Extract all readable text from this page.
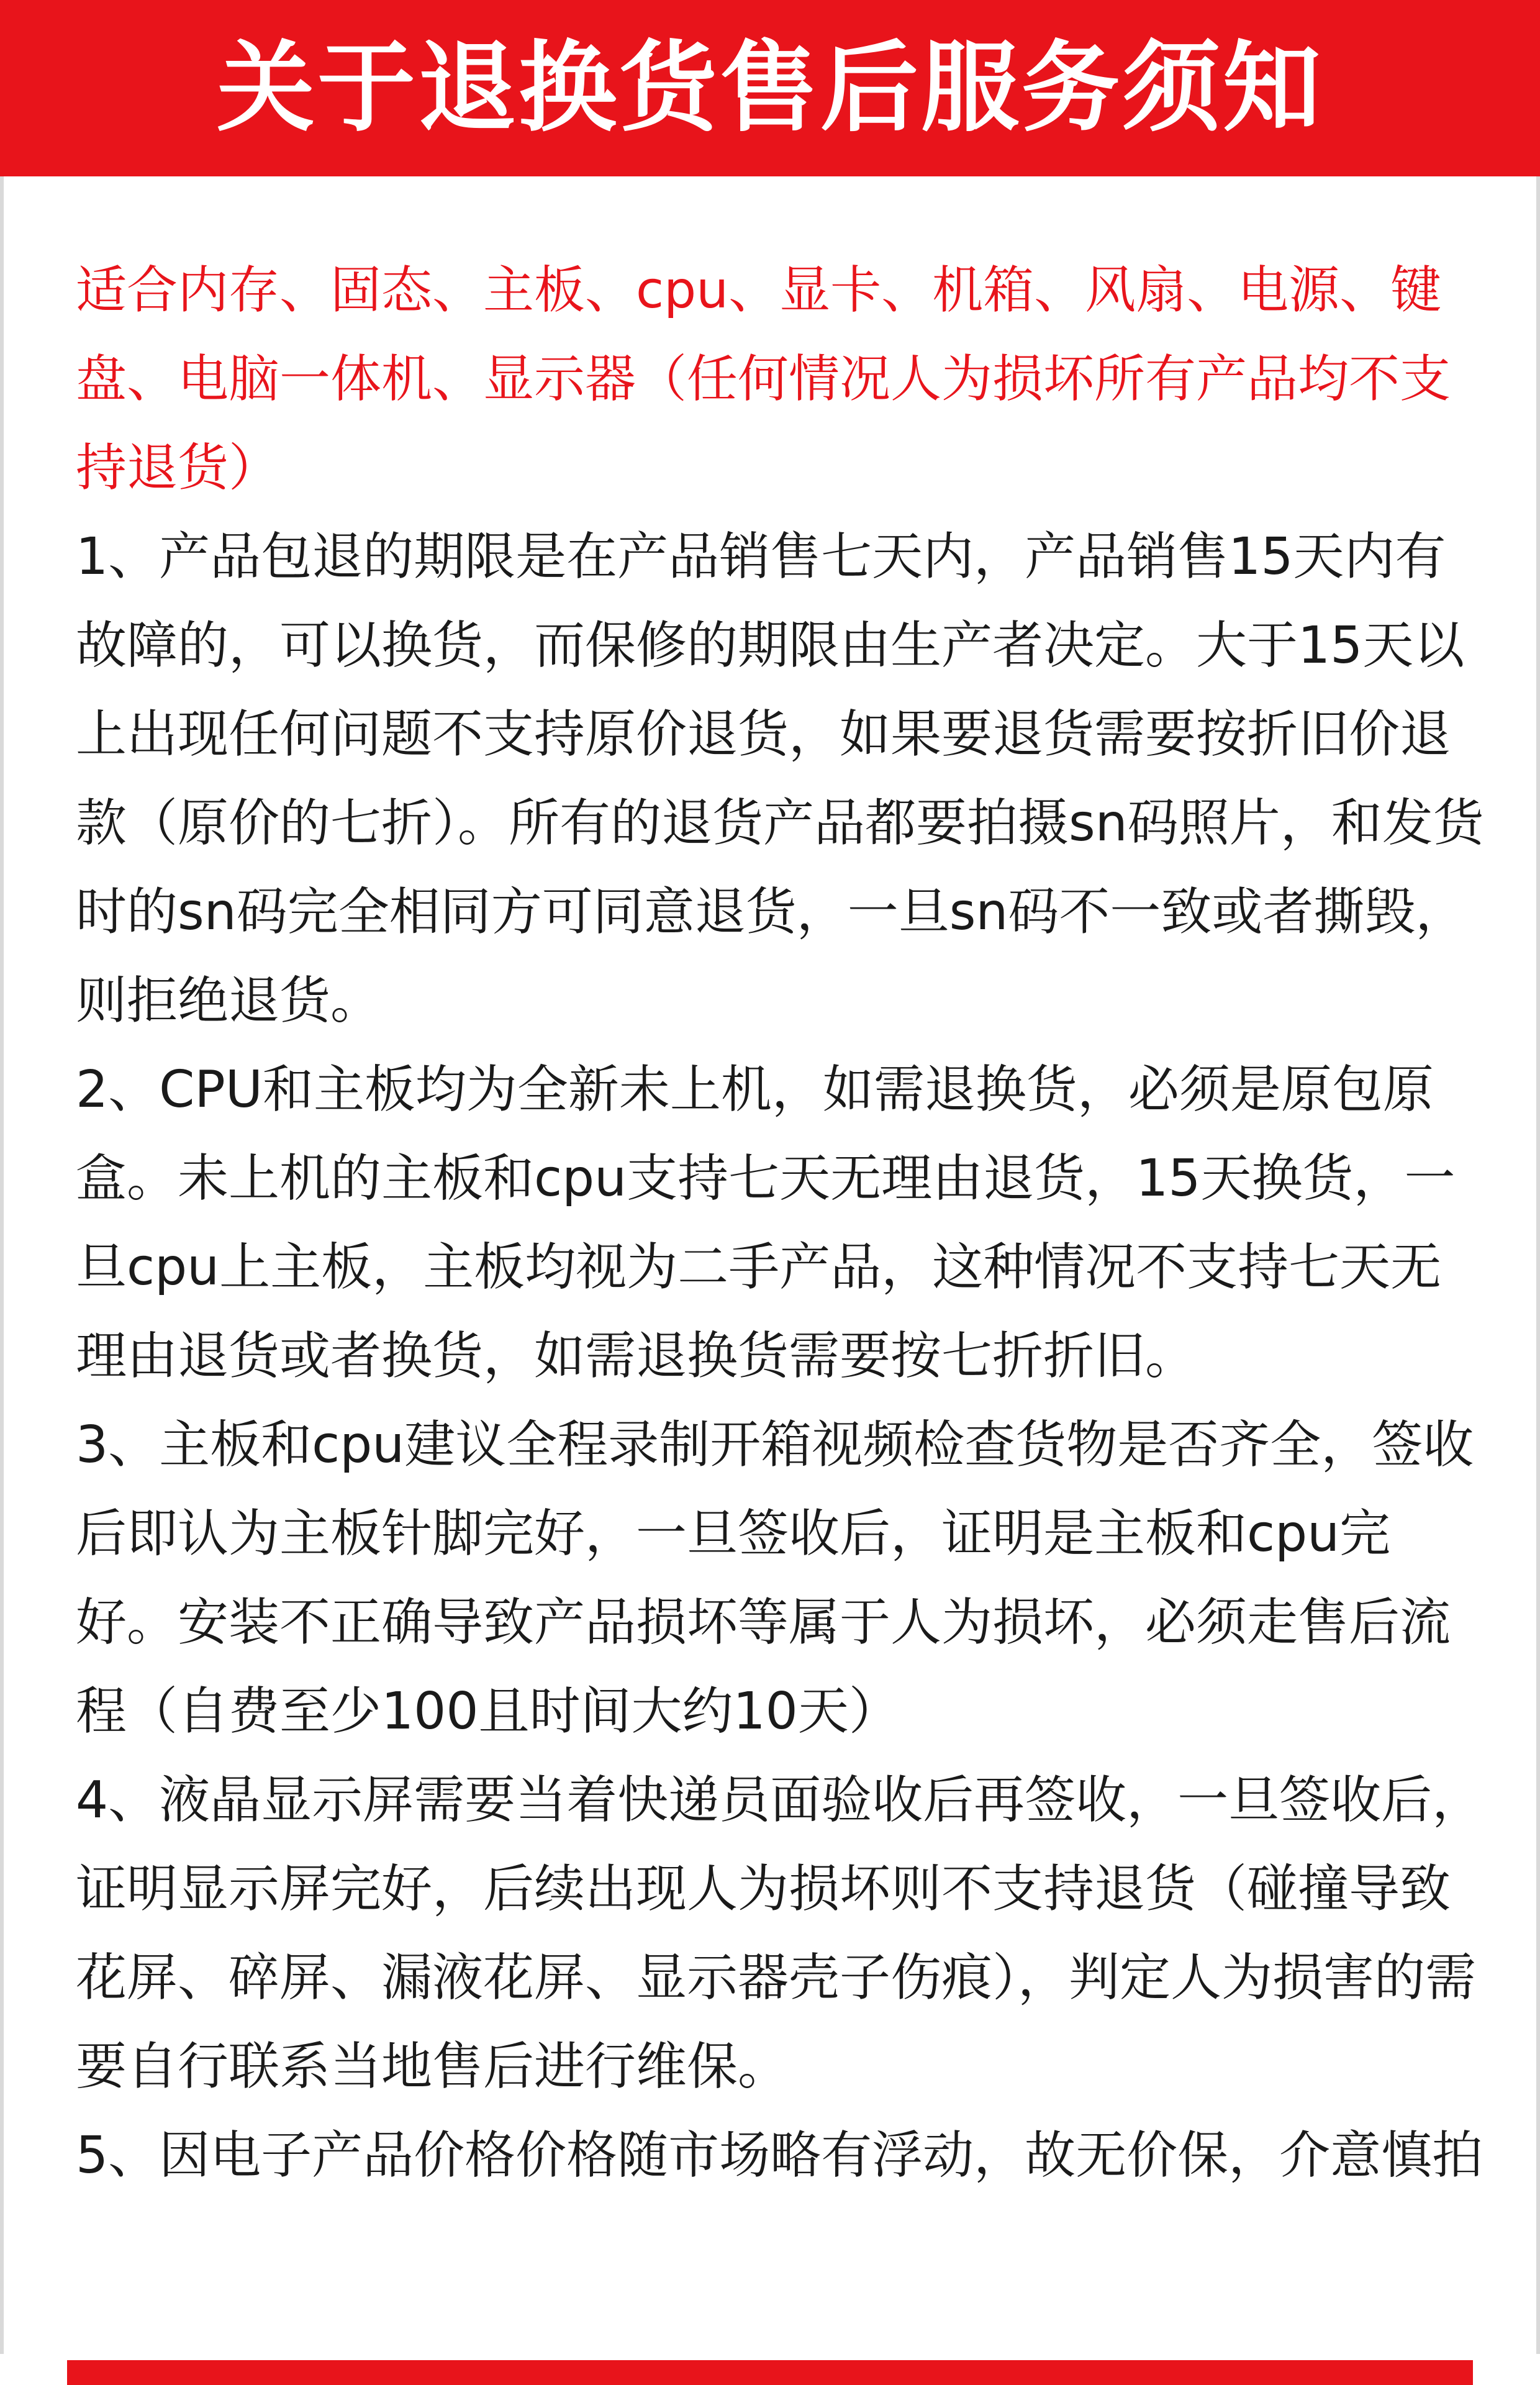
关于退换货售后服务须知

适合内存、固态、主板、cpu、显卡、机箱、风扇、电源、键盘、电脑一体机、显示器（任何情况人为损坏所有产品均不支持退货）

1、产品包退的期限是在产品销售七天内，产品销售15天内有故障的，可以换货，而保修的期限由生产者决定。大于15天以上出现任何问题不支持原价退货，如果要退货需要按折旧价退款（原价的七折）。所有的退货产品都要拍摄sn码照片，和发货时的sn码完全相同方可同意退货，一旦sn码不一致或者撕毁，则拒绝退货。

2、CPU和主板均为全新未上机，如需退换货，必须是原包原盒。未上机的主板和cpu支持七天无理由退货，15天换货，一旦cpu上主板，主板均视为二手产品，这种情况不支持七天无理由退货或者换货，如需退换货需要按七折折旧。

3、主板和cpu建议全程录制开箱视频检查货物是否齐全，签收后即认为主板针脚完好，一旦签收后，证明是主板和cpu完好。安装不正确导致产品损坏等属于人为损坏，必须走售后流程（自费至少100且时间大约10天）

4、液晶显示屏需要当着快递员面验收后再签收，一旦签收后，证明显示屏完好，后续出现人为损坏则不支持退货（碰撞导致花屏、碎屏、漏液花屏、显示器壳子伤痕），判定人为损害的需要自行联系当地售后进行维保。

5、因电子产品价格价格随市场略有浮动，故无价保，介意慎拍
